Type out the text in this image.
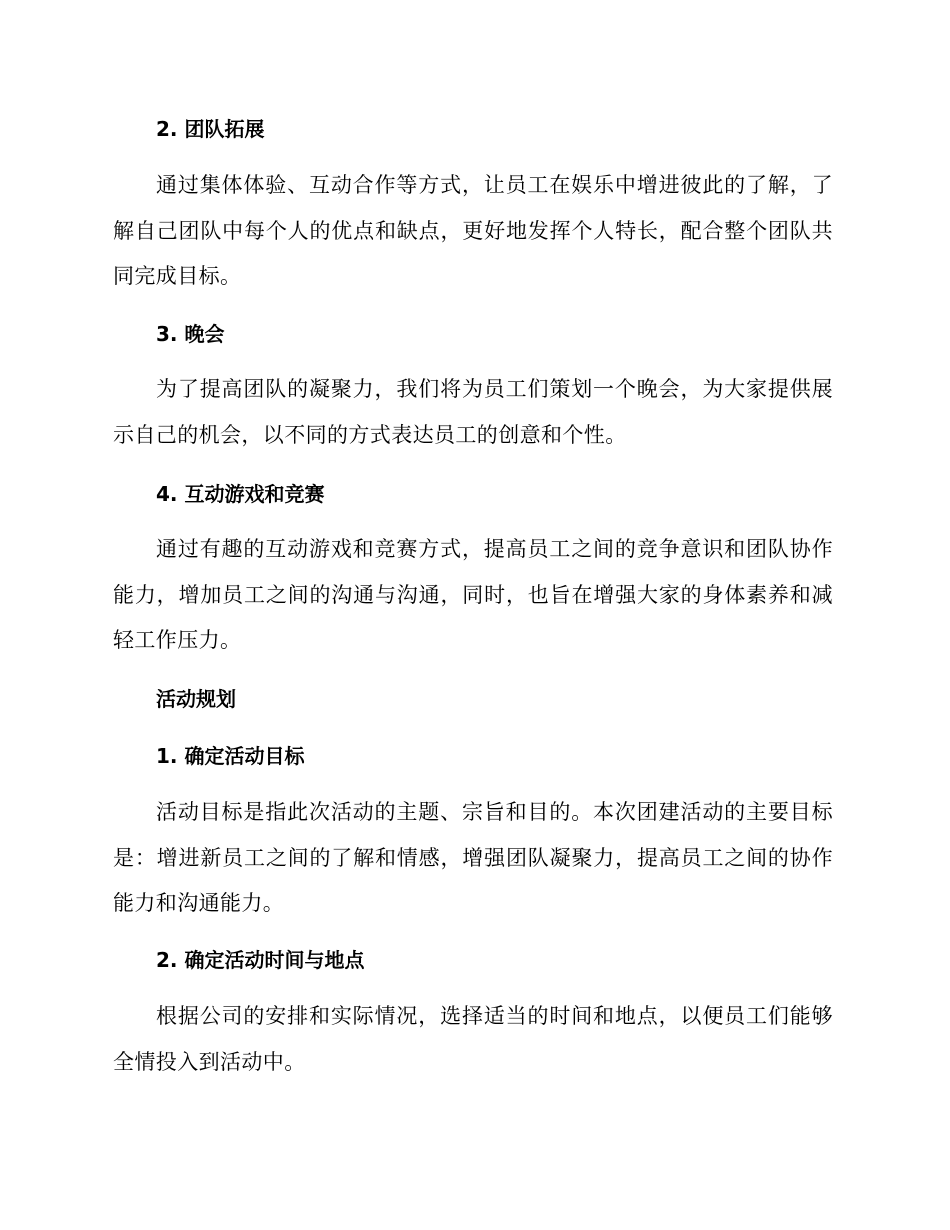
2. 团队拓展
通过集体体验、互动合作等方式，让员工在娱乐中增进彼此的了解，了解自己团队中每个人的优点和缺点，更好地发挥个人特长，配合整个团队共同完成目标。
3. 晚会
为了提高团队的凝聚力，我们将为员工们策划一个晚会，为大家提供展示自己的机会，以不同的方式表达员工的创意和个性。
4. 互动游戏和竞赛
通过有趣的互动游戏和竞赛方式，提高员工之间的竞争意识和团队协作能力，增加员工之间的沟通与沟通，同时，也旨在增强大家的身体素养和减轻工作压力。
活动规划
1. 确定活动目标
活动目标是指此次活动的主题、宗旨和目的。本次团建活动的主要目标是：增进新员工之间的了解和情感，增强团队凝聚力，提高员工之间的协作能力和沟通能力。
2. 确定活动时间与地点
根据公司的安排和实际情况，选择适当的时间和地点，以便员工们能够全情投入到活动中。
